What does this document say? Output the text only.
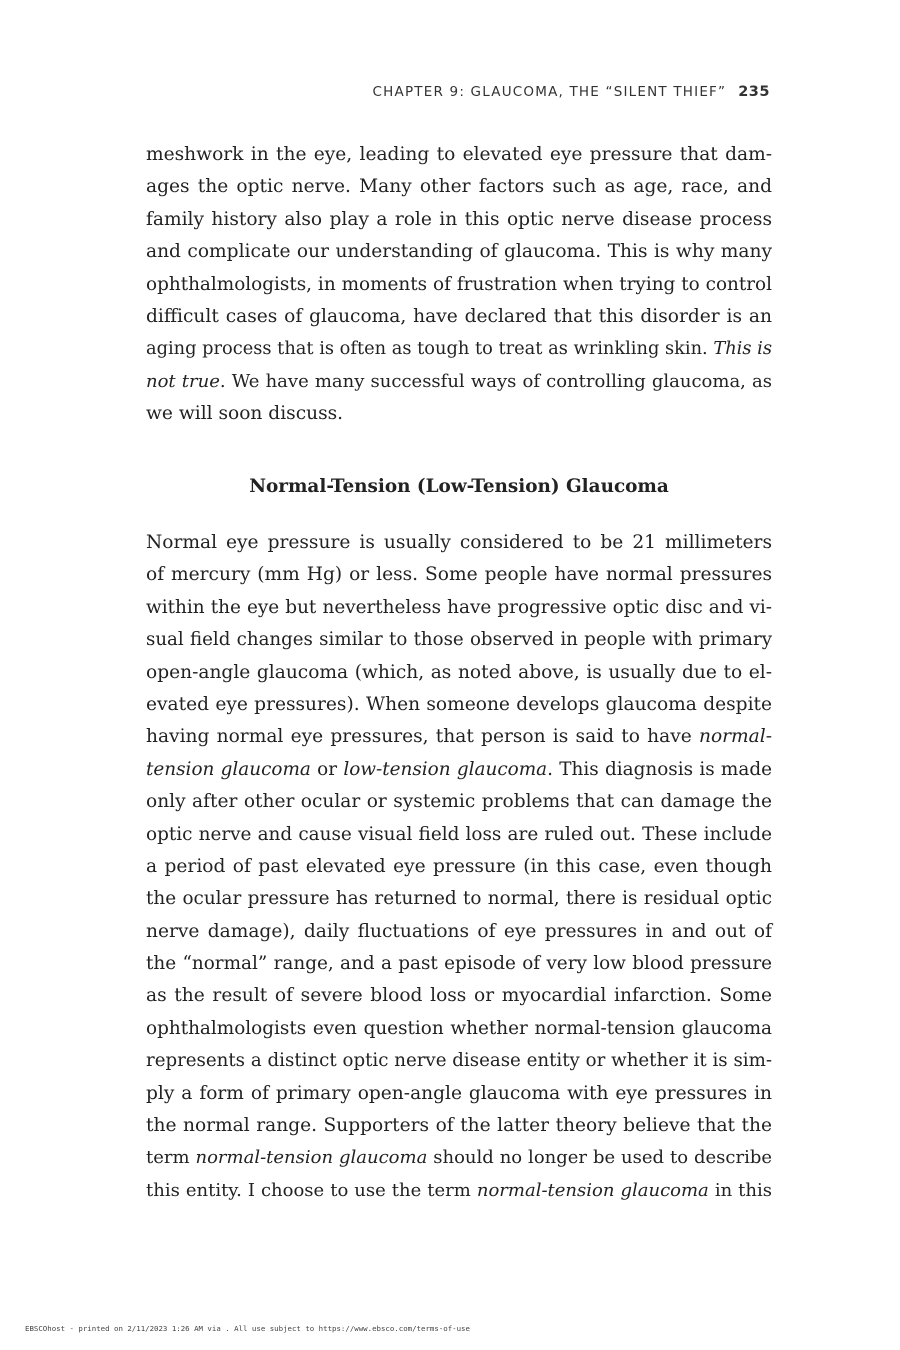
CHAPTER 9: GLAUCOMA, THE “SILENT THIEF” 235
meshwork in the eye, leading to elevated eye pressure that dam-
ages the optic nerve. Many other factors such as age, race, and
family history also play a role in this optic nerve disease process
and complicate our understanding of glaucoma. This is why many
ophthalmologists, in moments of frustration when trying to control
difficult cases of glaucoma, have declared that this disorder is an
aging process that is often as tough to treat as wrinkling skin. This is
not true. We have many successful ways of controlling glaucoma, as
we will soon discuss.
Normal-Tension (Low-Tension) Glaucoma
Normal eye pressure is usually considered to be 21 millimeters
of mercury (mm Hg) or less. Some people have normal pressures
within the eye but nevertheless have progressive optic disc and vi-
sual field changes similar to those observed in people with primary
open-angle glaucoma (which, as noted above, is usually due to el-
evated eye pressures). When someone develops glaucoma despite
having normal eye pressures, that person is said to have normal-
tension glaucoma or low-tension glaucoma. This diagnosis is made
only after other ocular or systemic problems that can damage the
optic nerve and cause visual field loss are ruled out. These include
a period of past elevated eye pressure (in this case, even though
the ocular pressure has returned to normal, there is residual optic
nerve damage), daily fluctuations of eye pressures in and out of
the “normal” range, and a past episode of very low blood pressure
as the result of severe blood loss or myocardial infarction. Some
ophthalmologists even question whether normal-tension glaucoma
represents a distinct optic nerve disease entity or whether it is sim-
ply a form of primary open-angle glaucoma with eye pressures in
the normal range. Supporters of the latter theory believe that the
term normal-tension glaucoma should no longer be used to describe
this entity. I choose to use the term normal-tension glaucoma in this
EBSCOhost - printed on 2/11/2023 1:26 AM via . All use subject to https://www.ebsco.com/terms-of-use
